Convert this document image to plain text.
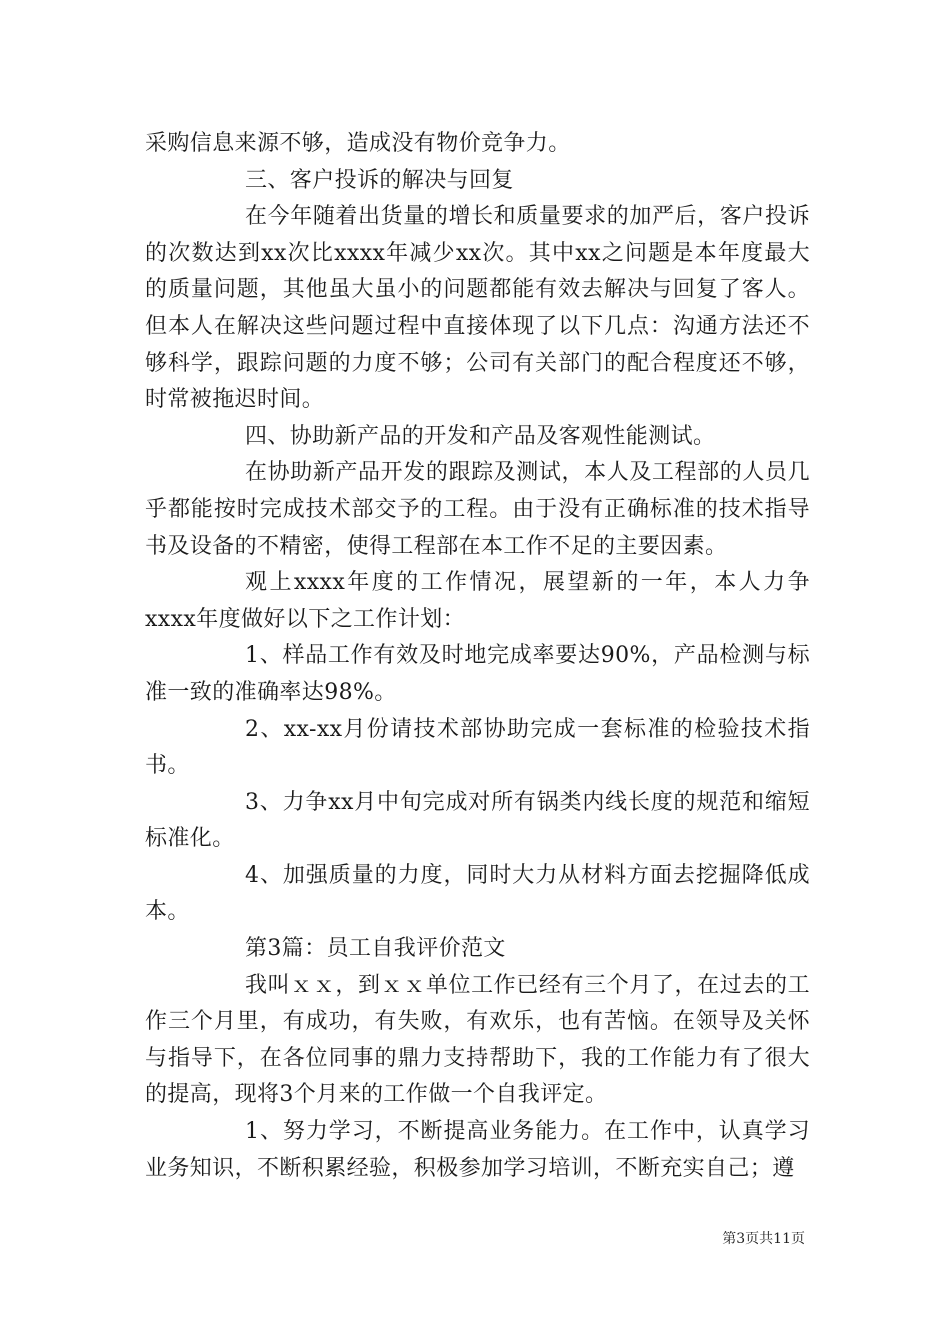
采购信息来源不够，造成没有物价竞争力。

三、客户投诉的解决与回复

在今年随着出货量的增长和质量要求的加严后，客户投诉的次数达到xx次比xxxx年减少xx次。其中xx之问题是本年度最大的质量问题，其他虽大虽小的问题都能有效去解决与回复了客人。但本人在解决这些问题过程中直接体现了以下几点：沟通方法还不够科学，跟踪问题的力度不够；公司有关部门的配合程度还不够，时常被拖迟时间。

四、协助新产品的开发和产品及客观性能测试。

在协助新产品开发的跟踪及测试，本人及工程部的人员几乎都能按时完成技术部交予的工程。由于没有正确标准的技术指导书及设备的不精密，使得工程部在本工作不足的主要因素。

观上xxxx年度的工作情况，展望新的一年，本人力争xxxx年度做好以下之工作计划：

1、样品工作有效及时地完成率要达90%，产品检测与标准一致的准确率达98%。

2、xx-xx月份请技术部协助完成一套标准的检验技术指书。

3、力争xx月中旬完成对所有锅类内线长度的规范和缩短标准化。

4、加强质量的力度，同时大力从材料方面去挖掘降低成本。

第3篇：员工自我评价范文

我叫ｘｘ，到ｘｘ单位工作已经有三个月了，在过去的工作三个月里，有成功，有失败，有欢乐，也有苦恼。在领导及关怀与指导下，在各位同事的鼎力支持帮助下，我的工作能力有了很大的提高，现将3个月来的工作做一个自我评定。

1、努力学习，不断提高业务能力。在工作中，认真学习业务知识，不断积累经验，积极参加学习培训，不断充实自己；遵

第3页共11页
